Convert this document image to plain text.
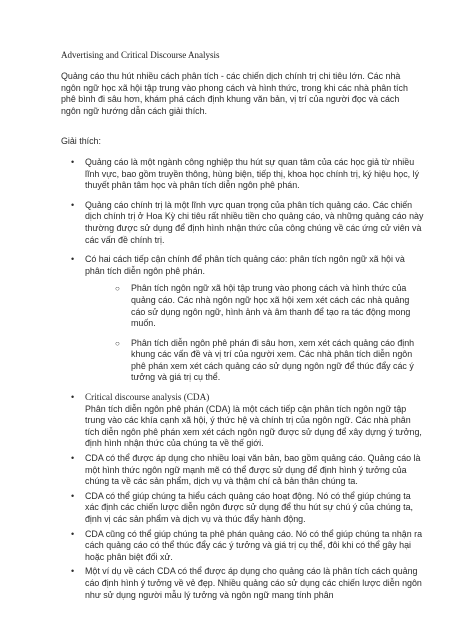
Advertising and Critical Discourse Analysis
Quảng cáo thu hút nhiều cách phân tích - các chiến dịch chính trị chi tiêu lớn. Các nhà ngôn ngữ học xã hội tập trung vào phong cách và hình thức, trong khi các nhà phân tích phê bình đi sâu hơn, khám phá cách định khung văn bản, vị trí của người đọc và cách ngôn ngữ hướng dẫn cách giải thích.
Giải thích:
• Quảng cáo là một ngành công nghiệp thu hút sự quan tâm của các học giả từ nhiều lĩnh vực, bao gồm truyền thông, hùng biện, tiếp thị, khoa học chính trị, ký hiệu học, lý thuyết phân tâm học và phân tích diễn ngôn phê phán.
• Quảng cáo chính trị là một lĩnh vực quan trọng của phân tích quảng cáo. Các chiến dịch chính trị ở Hoa Kỳ chi tiêu rất nhiều tiền cho quảng cáo, và những quảng cáo này thường được sử dụng để định hình nhận thức của công chúng về các ứng cử viên và các vấn đề chính trị.
• Có hai cách tiếp cận chính để phân tích quảng cáo: phân tích ngôn ngữ xã hội và phân tích diễn ngôn phê phán.
○ Phân tích ngôn ngữ xã hội tập trung vào phong cách và hình thức của quảng cáo. Các nhà ngôn ngữ học xã hội xem xét cách các nhà quảng cáo sử dụng ngôn ngữ, hình ảnh và âm thanh để tạo ra tác động mong muốn.
○ Phân tích diễn ngôn phê phán đi sâu hơn, xem xét cách quảng cáo định khung các vấn đề và vị trí của người xem. Các nhà phân tích diễn ngôn phê phán xem xét cách quảng cáo sử dụng ngôn ngữ để thúc đẩy các ý tưởng và giá trị cụ thể.
• Critical discourse analysis (CDA)
Phân tích diễn ngôn phê phán (CDA) là một cách tiếp cận phân tích ngôn ngữ tập trung vào các khía cạnh xã hội, ý thức hệ và chính trị của ngôn ngữ. Các nhà phân tích diễn ngôn phê phán xem xét cách ngôn ngữ được sử dụng để xây dựng ý tưởng, định hình nhận thức của chúng ta về thế giới.
• CDA có thể được áp dụng cho nhiều loại văn bản, bao gồm quảng cáo. Quảng cáo là một hình thức ngôn ngữ mạnh mẽ có thể được sử dụng để định hình ý tưởng của chúng ta về các sản phẩm, dịch vụ và thậm chí cả bản thân chúng ta.
• CDA có thể giúp chúng ta hiểu cách quảng cáo hoạt động. Nó có thể giúp chúng ta xác định các chiến lược diễn ngôn được sử dụng để thu hút sự chú ý của chúng ta, định vị các sản phẩm và dịch vụ và thúc đẩy hành động.
• CDA cũng có thể giúp chúng ta phê phán quảng cáo. Nó có thể giúp chúng ta nhận ra cách quảng cáo có thể thúc đẩy các ý tưởng và giá trị cụ thể, đôi khi có thể gây hại hoặc phân biệt đối xử.
• Một ví dụ về cách CDA có thể được áp dụng cho quảng cáo là phân tích cách quảng cáo định hình ý tưởng về vẻ đẹp. Nhiều quảng cáo sử dụng các chiến lược diễn ngôn như sử dụng người mẫu lý tưởng và ngôn ngữ mang tính phân
